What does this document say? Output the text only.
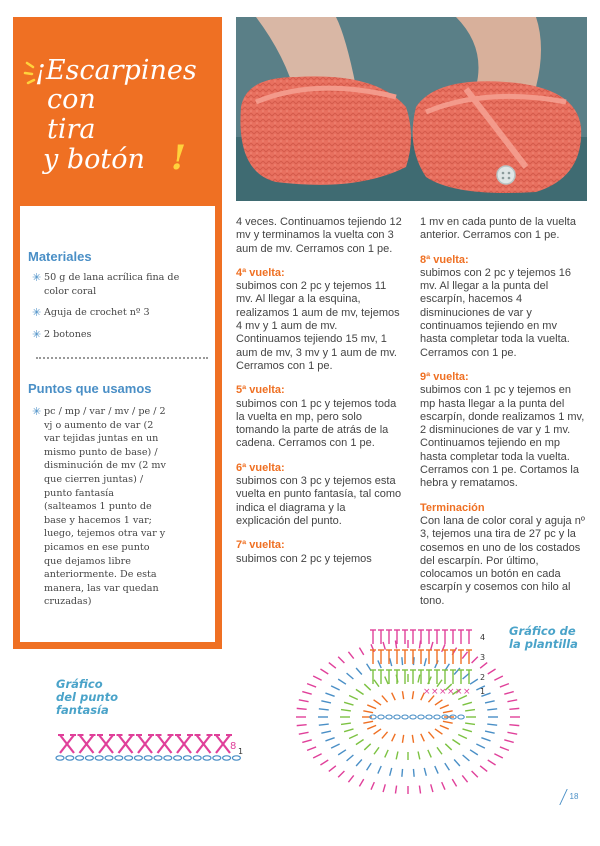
¡Escarpines
con
tira
y botón !
Materiales
✳ 50 g de lana acrílica fina de color coral
✳ Aguja de crochet nº 3
✳ 2 botones
Puntos que usamos
✳ pc / mp / var / mv / pe / 2 vj o aumento de var (2 var tejidas juntas en un mismo punto de base) / disminución de mv (2 mv que cierren juntas) / punto fantasía (salteamos 1 punto de base y hacemos 1 var; luego, tejemos otra var y picamos en ese punto que dejamos libre anteriormente. De esta manera, las var quedan cruzadas)

4 veces. Continuamos tejiendo 12 mv y terminamos la vuelta con 3 aum de mv. Cerramos con 1 pe.

4ª vuelta:

subimos con 2 pc y tejemos 11 mv. Al llegar a la esquina, realizamos 1 aum de mv, tejemos 4 mv y 1 aum de mv. Continuamos tejiendo 15 mv, 1 aum de mv, 3 mv y 1 aum de mv. Cerramos con 1 pe.

5ª vuelta:

subimos con 1 pc y tejemos toda la vuelta en mp, pero solo tomando la parte de atrás de la cadena. Cerramos con 1 pe.

6ª vuelta:

subimos con 3 pc y tejemos esta vuelta en punto fantasía, tal como indica el diagrama y la explicación del punto.

7ª vuelta:

subimos con 2 pc y tejemos

1 mv en cada punto de la vuelta anterior. Cerramos con 1 pe.

8ª vuelta:

subimos con 2 pc y tejemos 16 mv. Al llegar a la punta del escarpín, hacemos 4 disminuciones de var y continuamos tejiendo en mv hasta completar toda la vuelta. Cerramos con 1 pe.

9ª vuelta:

subimos con 1 pc y tejemos en mp hasta llegar a la punta del escarpín, donde realizamos 1 mv, 2 disminuciones de var y 1 mv. Continuamos tejiendo en mp hasta completar toda la vuelta. Cerramos con 1 pe. Cortamos la hebra y rematamos.

Terminación

Con lana de color coral y aguja nº 3, tejemos una tira de 27 pc y la cosemos en uno de los costados del escarpín. Por último, colocamos un botón en cada escarpín y cosemos con hilo al tono.

Gráfico
del punto
fantasía
Gráfico de
la plantilla
8 1
× × × × × ×
4
3
2
1
18
